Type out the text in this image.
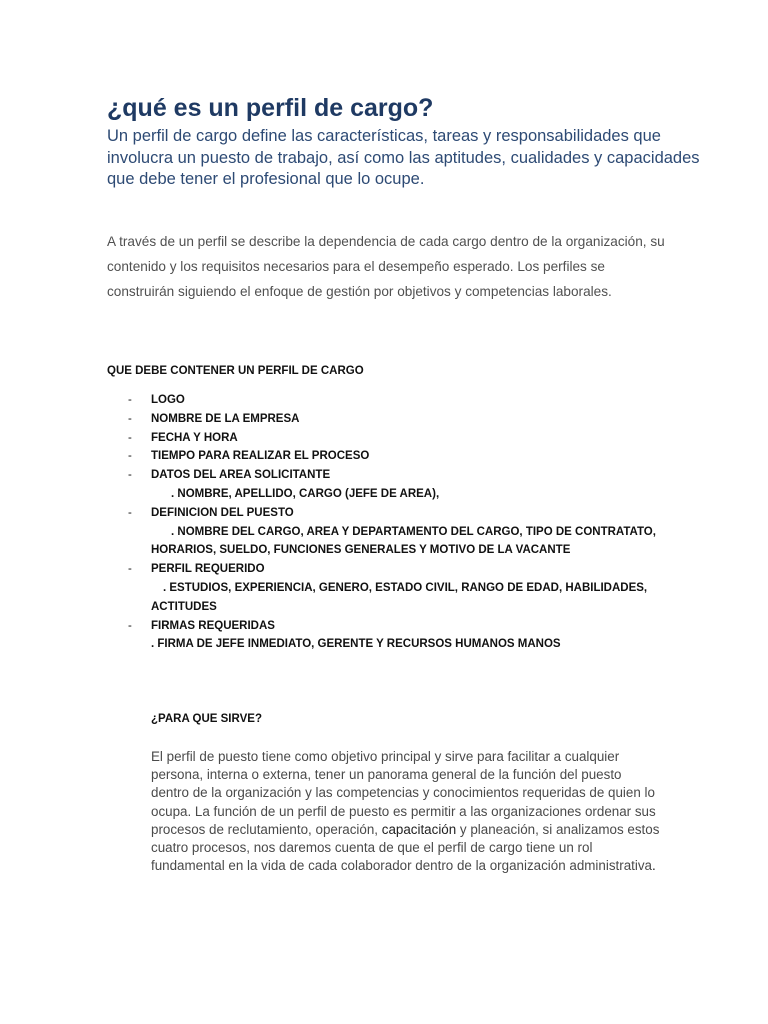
¿qué es un perfil de cargo?

Un perfil de cargo define las características, tareas y responsabilidades que involucra un puesto de trabajo, así como las aptitudes, cualidades y capacidades que debe tener el profesional que lo ocupe.

A través de un perfil se describe la dependencia de cada cargo dentro de la organización, su contenido y los requisitos necesarios para el desempeño esperado. Los perfiles se construirán siguiendo el enfoque de gestión por objetivos y competencias laborales.

QUE DEBE CONTENER UN PERFIL DE CARGO

- LOGO
- NOMBRE DE LA EMPRESA
- FECHA Y HORA
- TIEMPO PARA REALIZAR EL PROCESO
- DATOS DEL AREA SOLICITANTE
. NOMBRE, APELLIDO, CARGO (JEFE DE AREA),
- DEFINICION DEL PUESTO
. NOMBRE DEL CARGO, AREA Y DEPARTAMENTO DEL CARGO, TIPO DE CONTRATATO, HORARIOS, SUELDO, FUNCIONES GENERALES Y MOTIVO DE LA VACANTE
- PERFIL REQUERIDO
. ESTUDIOS, EXPERIENCIA, GENERO, ESTADO CIVIL, RANGO DE EDAD, HABILIDADES, ACTITUDES
- FIRMAS REQUERIDAS
. FIRMA DE JEFE INMEDIATO, GERENTE Y RECURSOS HUMANOS MANOS

¿PARA QUE SIRVE?

El perfil de puesto tiene como objetivo principal y sirve para facilitar a cualquier persona, interna o externa, tener un panorama general de la función del puesto dentro de la organización y las competencias y conocimientos requeridas de quien lo ocupa. La función de un perfil de puesto es permitir a las organizaciones ordenar sus procesos de reclutamiento, operación, capacitación y planeación, si analizamos estos cuatro procesos, nos daremos cuenta de que el perfil de cargo tiene un rol fundamental en la vida de cada colaborador dentro de la organización administrativa.
